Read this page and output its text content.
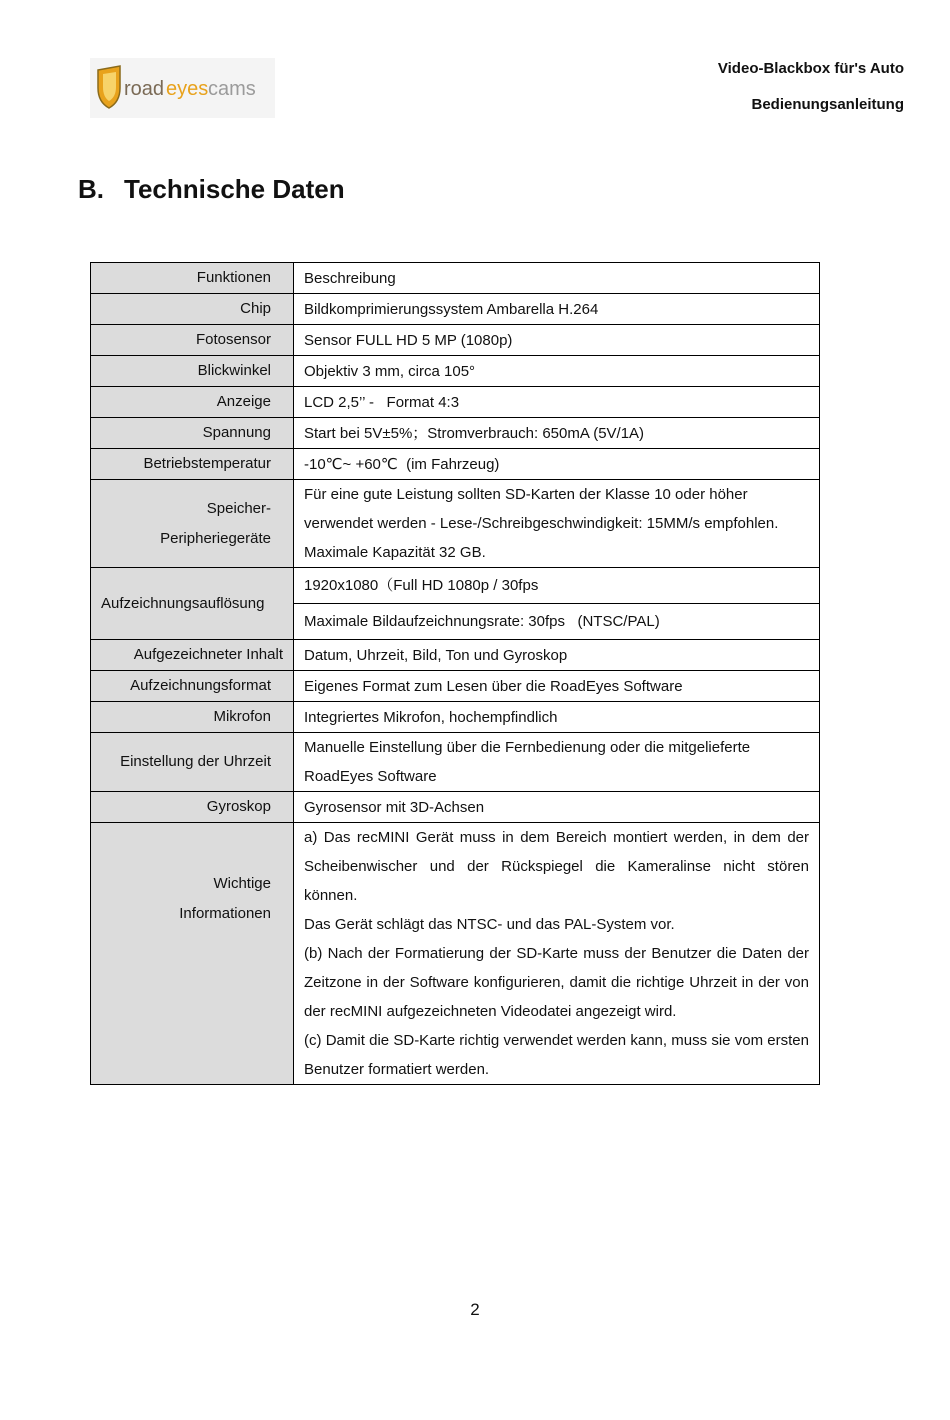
road eyes cams
Video-Blackbox für's Auto
Bedienungsanleitung
B. Technische Daten
Funktionen	Beschreibung
Chip	Bildkomprimierungssystem Ambarella H.264
Fotosensor	Sensor FULL HD 5 MP (1080p)
Blickwinkel	Objektiv 3 mm, circa 105°
Anzeige	LCD 2,5’’ -   Format 4:3
Spannung	Start bei 5V±5%；Stromverbrauch: 650mA (5V/1A)
Betriebstemperatur	-10℃~ +60℃  (im Fahrzeug)

Speicher-
Peripheriegeräte	Für eine gute Leistung sollten SD-Karten der Klasse 10 oder höher verwendet werden - Lese-/Schreibgeschwindigkeit: 15MM/s empfohlen. Maximale Kapazität 32 GB.
Aufzeichnungsauflösung	1920x1080（Full HD 1080p / 30fps
	Maximale Bildaufzeichnungsrate: 30fps   (NTSC/PAL)
Aufgezeichneter Inhalt	Datum, Uhrzeit, Bild, Ton und Gyroskop
Aufzeichnungsformat	Eigenes Format zum Lesen über die RoadEyes Software
Mikrofon	Integriertes Mikrofon, hochempfindlich
Einstellung der Uhrzeit	Manuelle Einstellung über die Fernbedienung oder die mitgelieferte RoadEyes Software
Gyroskop	Gyrosensor mit 3D-Achsen

Wichtige
Informationen	a) Das recMINI Gerät muss in dem Bereich montiert werden, in dem der Scheibenwischer und der Rückspiegel die Kameralinse nicht stören können.
Das Gerät schlägt das NTSC- und das PAL-System vor.
(b) Nach der Formatierung der SD-Karte muss der Benutzer die Daten der Zeitzone in der Software konfigurieren, damit die richtige Uhrzeit in der von der recMINI aufgezeichneten Videodatei angezeigt wird.
(c) Damit die SD-Karte richtig verwendet werden kann, muss sie vom ersten Benutzer formatiert werden.
2
